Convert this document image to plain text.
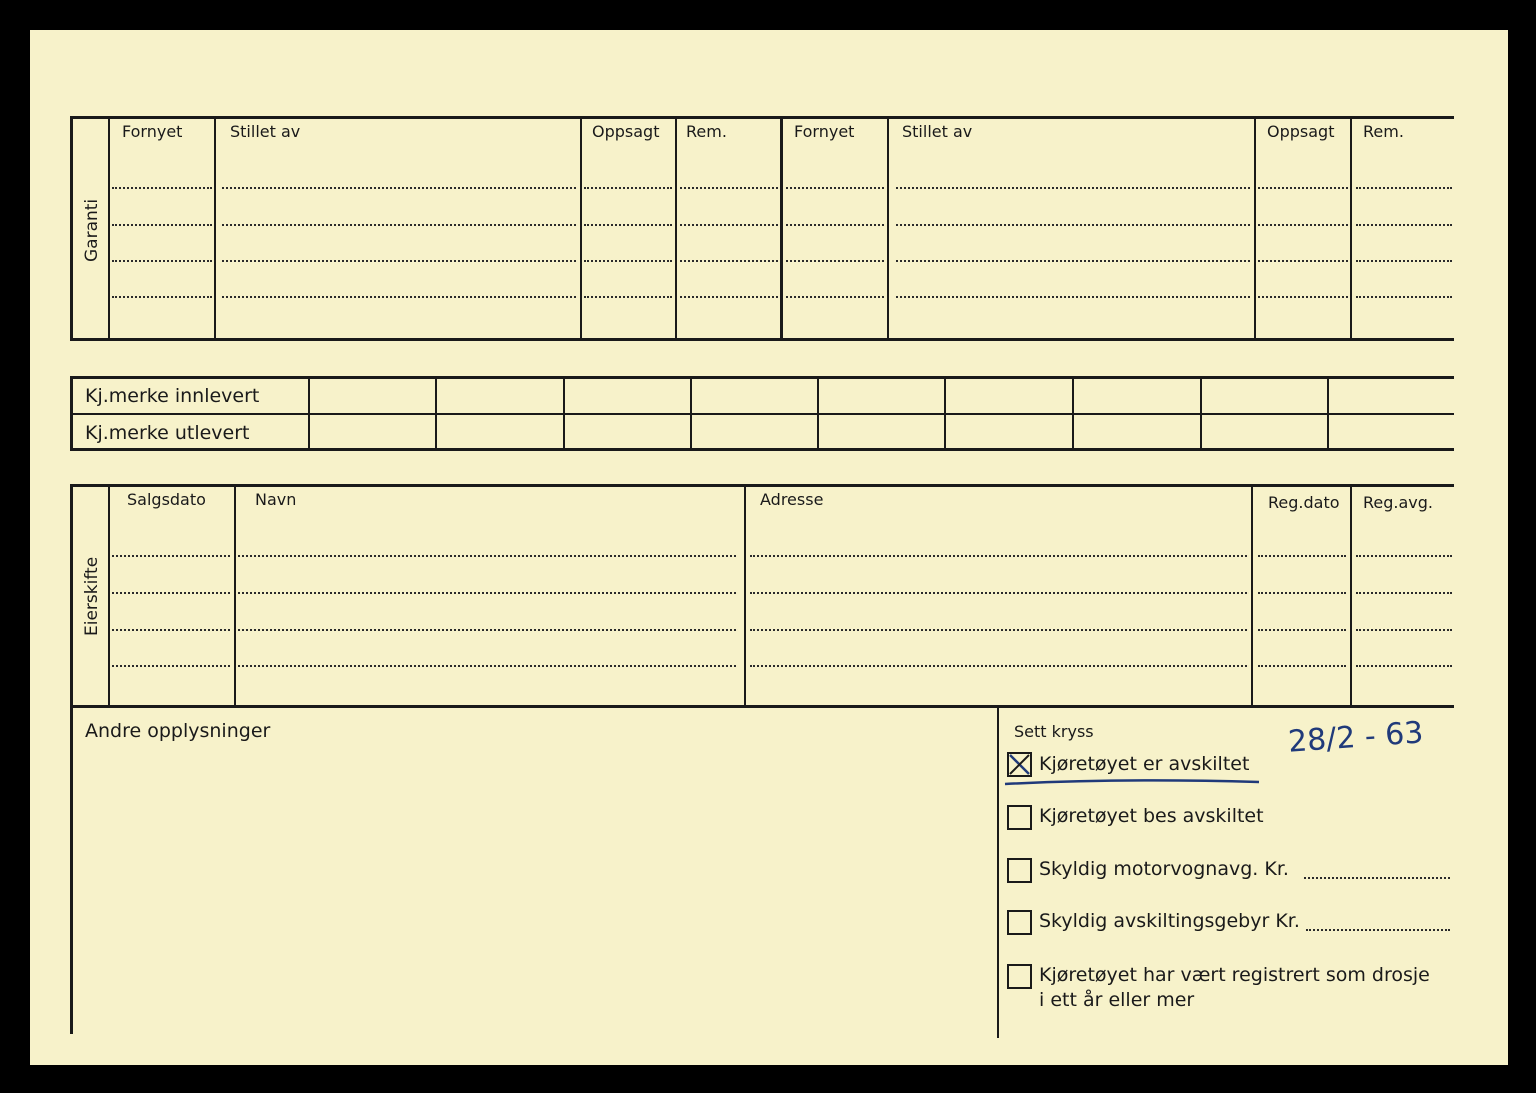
Garanti
Fornyet	Stillet av	Oppsagt Rem.	Fornyet	Stillet av	Oppsagt Rem.
Kj.merke innlevert
Kj.merke utlevert
Eierskifte
Salgsdato	Navn	Adresse	Reg.dato Reg.avg.
Andre opplysninger	Sett kryss
Kjøretøyet er avskiltet
Kjøretøyet bes avskiltet
Skyldig motorvognavg. Kr.
Skyldig avskiltingsgebyr Kr.
Kjøretøyet har vært registrert som drosje
i ett år eller mer
28/2 - 63
